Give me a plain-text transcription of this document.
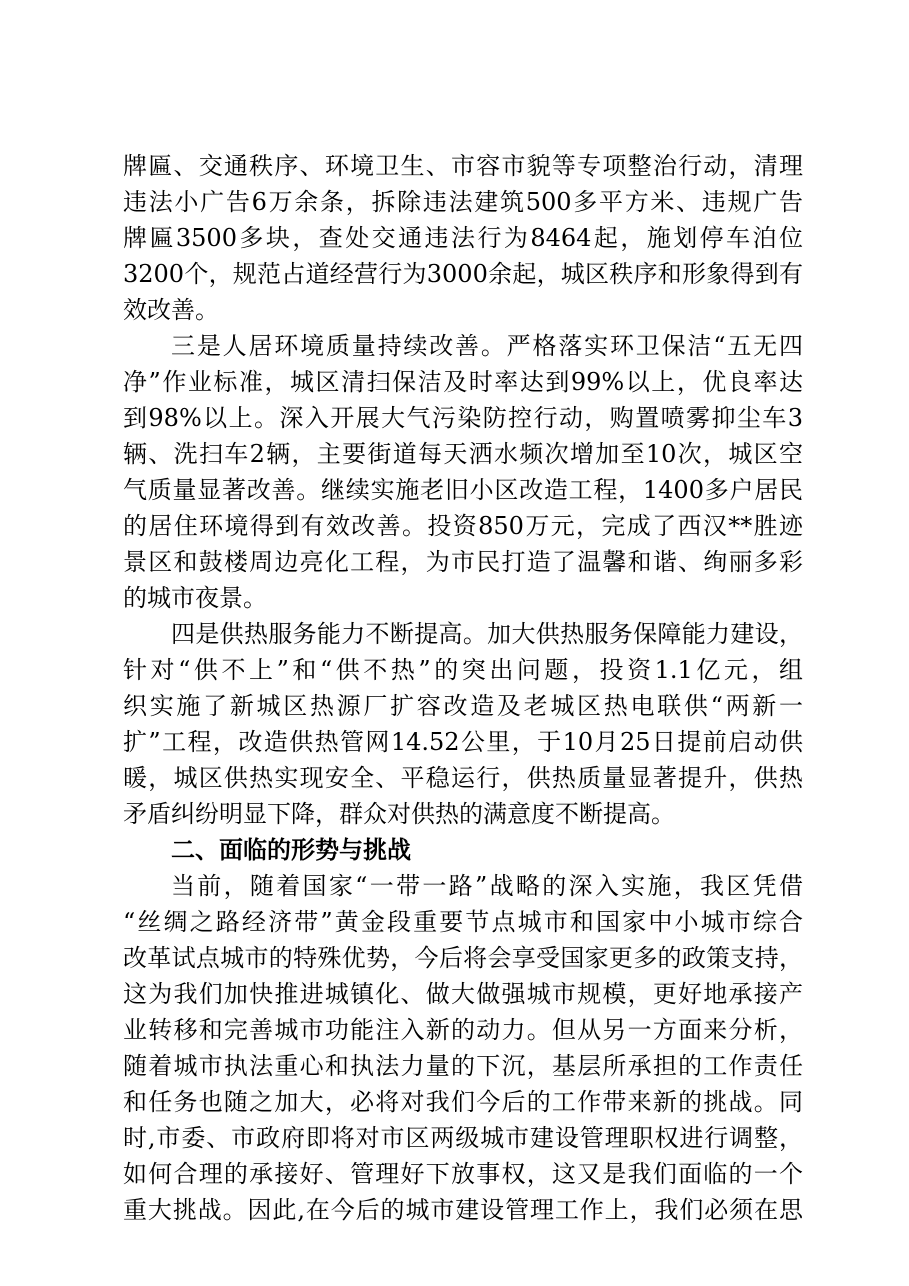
牌匾、交通秩序、环境卫生、市容市貌等专项整治行动，清理
违法小广告6万余条，拆除违法建筑500多平方米、违规广告
牌匾3500多块，查处交通违法行为8464起，施划停车泊位
3200个，规范占道经营行为3000余起，城区秩序和形象得到有
效改善。
三是人居环境质量持续改善。严格落实环卫保洁“五无四
净”作业标准，城区清扫保洁及时率达到99%以上，优良率达
到98%以上。深入开展大气污染防控行动，购置喷雾抑尘车3
辆、洗扫车2辆，主要街道每天洒水频次增加至10次，城区空
气质量显著改善。继续实施老旧小区改造工程，1400多户居民
的居住环境得到有效改善。投资850万元，完成了西汉**胜迹
景区和鼓楼周边亮化工程，为市民打造了温馨和谐、绚丽多彩
的城市夜景。
四是供热服务能力不断提高。加大供热服务保障能力建设，
针对“供不上”和“供不热”的突出问题，投资1.1亿元，组
织实施了新城区热源厂扩容改造及老城区热电联供“两新一
扩”工程，改造供热管网14.52公里，于10月25日提前启动供
暖，城区供热实现安全、平稳运行，供热质量显著提升，供热
矛盾纠纷明显下降，群众对供热的满意度不断提高。
二、面临的形势与挑战
当前，随着国家“一带一路”战略的深入实施，我区凭借
“丝绸之路经济带”黄金段重要节点城市和国家中小城市综合
改革试点城市的特殊优势，今后将会享受国家更多的政策支持，
这为我们加快推进城镇化、做大做强城市规模，更好地承接产
业转移和完善城市功能注入新的动力。但从另一方面来分析，
随着城市执法重心和执法力量的下沉，基层所承担的工作责任
和任务也随之加大，必将对我们今后的工作带来新的挑战。同
时,市委、市政府即将对市区两级城市建设管理职权进行调整，
如何合理的承接好、管理好下放事权，这又是我们面临的一个
重大挑战。因此,在今后的城市建设管理工作上，我们必须在思
